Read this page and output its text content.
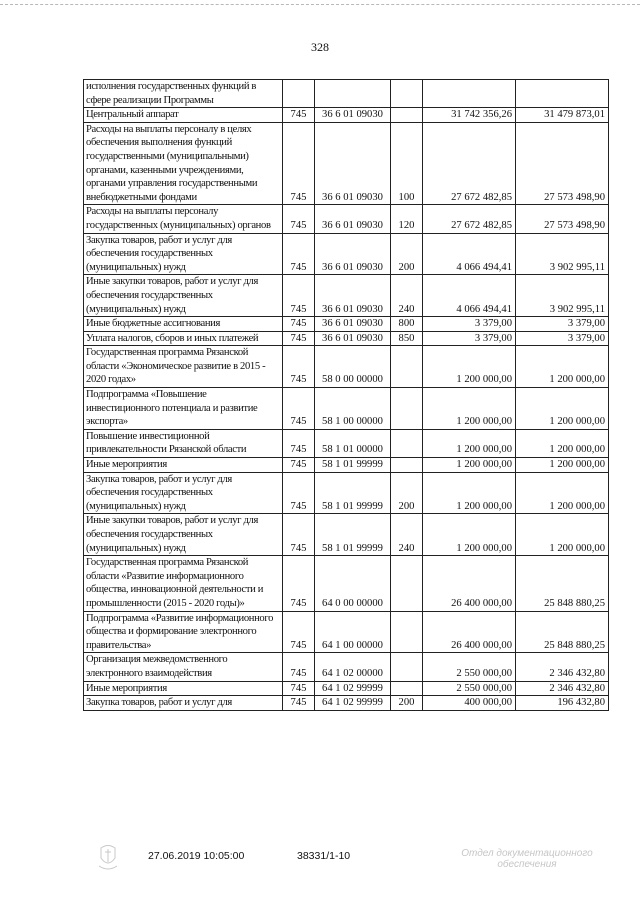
328
исполнения государственных функций в сфере реализации Программы					
Центральный аппарат	745	36 6 01 09030		31 742 356,26	31 479 873,01
Расходы на выплаты персоналу в целях обеспечения выполнения функций государственными (муниципальными) органами, казенными учреждениями, органами управления государственными внебюджетными фондами	745	36 6 01 09030	100	27 672 482,85	27 573 498,90
Расходы на выплаты персоналу государственных (муниципальных) органов	745	36 6 01 09030	120	27 672 482,85	27 573 498,90
Закупка товаров, работ и услуг для обеспечения государственных (муниципальных) нужд	745	36 6 01 09030	200	4 066 494,41	3 902 995,11
Иные закупки товаров, работ и услуг для обеспечения государственных (муниципальных) нужд	745	36 6 01 09030	240	4 066 494,41	3 902 995,11
Иные бюджетные ассигнования	745	36 6 01 09030	800	3 379,00	3 379,00
Уплата налогов, сборов и иных платежей	745	36 6 01 09030	850	3 379,00	3 379,00
Государственная программа Рязанской области «Экономическое развитие в 2015 - 2020 годах»	745	58 0 00 00000		1 200 000,00	1 200 000,00
Подпрограмма «Повышение инвестиционного потенциала и развитие экспорта»	745	58 1 00 00000		1 200 000,00	1 200 000,00
Повышение инвестиционной привлекательности Рязанской области	745	58 1 01 00000		1 200 000,00	1 200 000,00
Иные мероприятия	745	58 1 01 99999		1 200 000,00	1 200 000,00
Закупка товаров, работ и услуг для обеспечения государственных (муниципальных) нужд	745	58 1 01 99999	200	1 200 000,00	1 200 000,00
Иные закупки товаров, работ и услуг для обеспечения государственных (муниципальных) нужд	745	58 1 01 99999	240	1 200 000,00	1 200 000,00
Государственная программа Рязанской области «Развитие информационного общества, инновационной деятельности и промышленности (2015 - 2020 годы)»	745	64 0 00 00000		26 400 000,00	25 848 880,25
Подпрограмма «Развитие информационного общества и формирование электронного правительства»	745	64 1 00 00000		26 400 000,00	25 848 880,25
Организация межведомственного электронного взаимодействия	745	64 1 02 00000		2 550 000,00	2 346 432,80
Иные мероприятия	745	64 1 02 99999		2 550 000,00	2 346 432,80
Закупка товаров, работ и услуг для	745	64 1 02 99999	200	400 000,00	196 432,80
27.06.2019 10:05:00	38331/1-10	Отдел документационного
обеспечения
